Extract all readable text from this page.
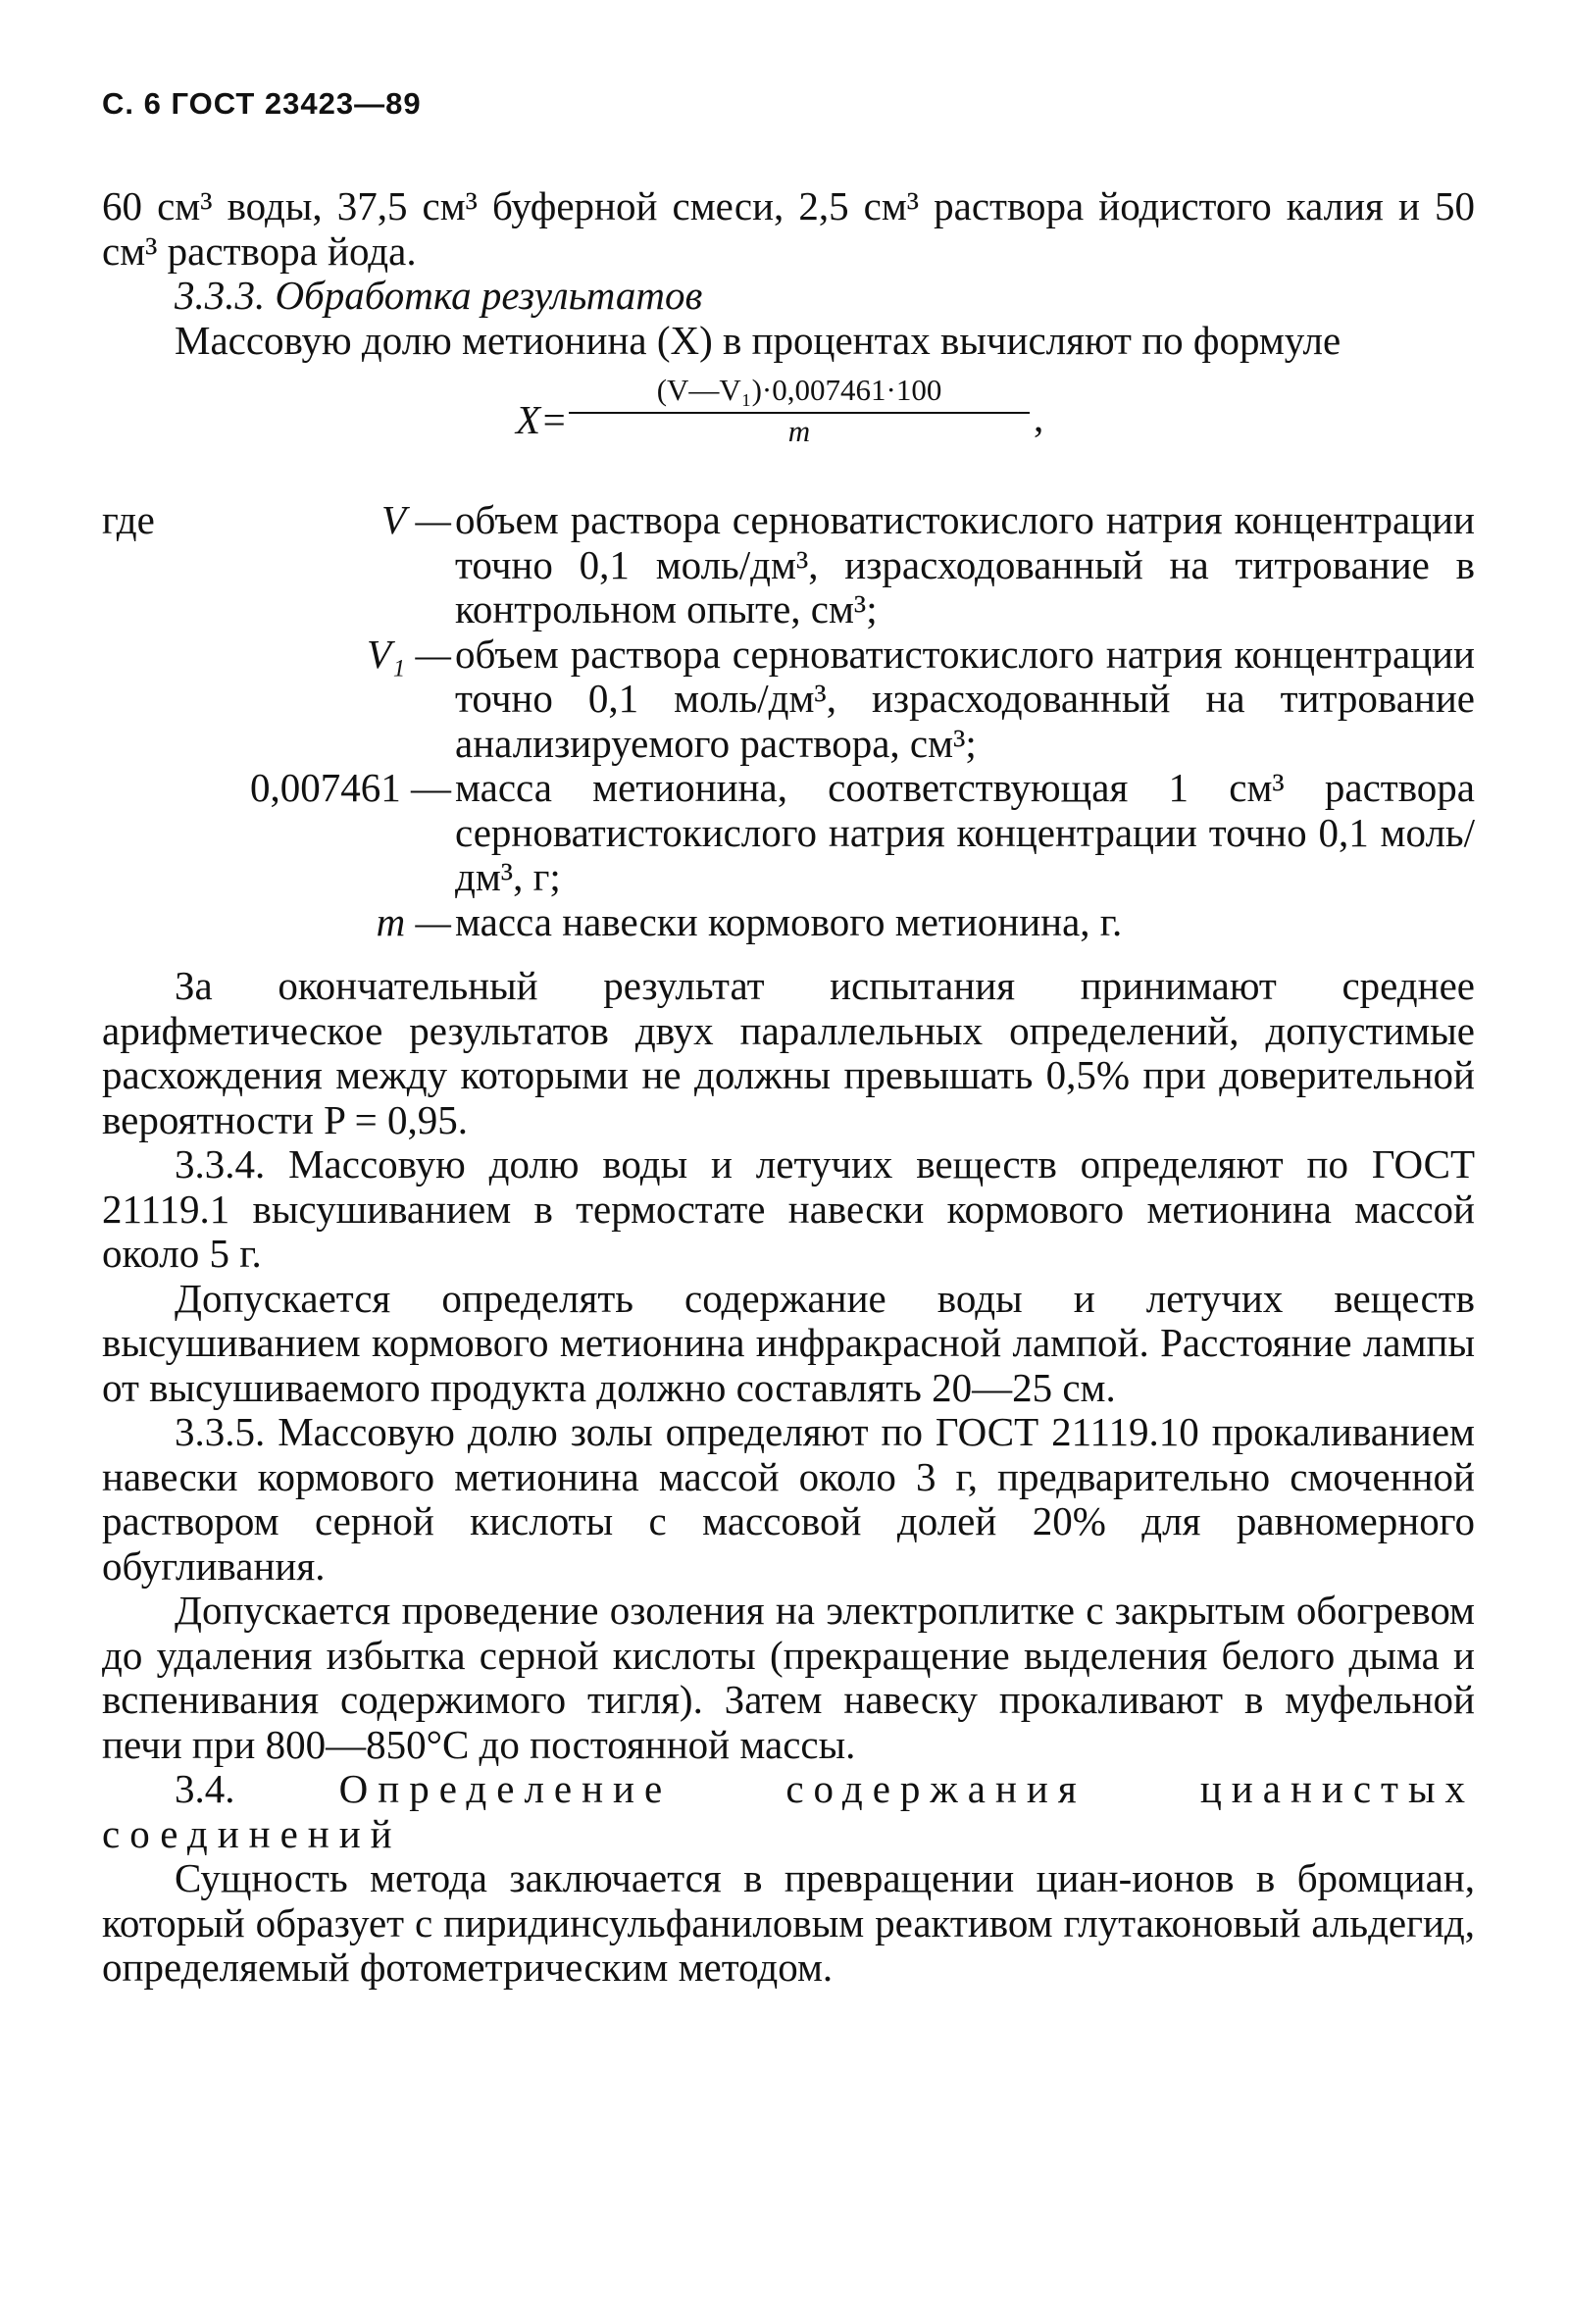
С. 6 ГОСТ 23423—89

60 см³ воды, 37,5 см³ буферной смеси, 2,5 см³ раствора йодистого калия и 50 см³ раствора йода.

3.3.3. Обработка результатов

Массовую долю метионина (X) в процентах вычисляют по формуле

$X= \frac{\text{(V—V₁)·0,007461·100}}{m}$ ,
где	V — объем раствора серноватистокислого натрия концентрации точно 0,1 моль/дм³, израсходованный на титрование в контрольном опыте, см³;
V₁ — объем раствора серноватистокислого натрия концентрации точно 0,1 моль/дм³, израсходованный на титрование анализируемого раствора, см³;
0,007461 — масса метионина, соответствующая 1 см³ раствора серноватистокислого натрия концентрации точно 0,1 моль/дм³, г;
m — масса навески кормового метионина, г.

За окончательный результат испытания принимают среднее арифметическое результатов двух параллельных определений, допустимые расхождения между которыми не должны превышать 0,5% при доверительной вероятности P = 0,95.

3.3.4. Массовую долю воды и летучих веществ определяют по ГОСТ 21119.1 высушиванием в термостате навески кормового метионина массой около 5 г.

Допускается определять содержание воды и летучих веществ высушиванием кормового метионина инфракрасной лампой. Расстояние лампы от высушиваемого продукта должно составлять 20—25 см.

3.3.5. Массовую долю золы определяют по ГОСТ 21119.10 прокаливанием навески кормового метионина массой около 3 г, предварительно смоченной раствором серной кислоты с массовой долей 20% для равномерного обугливания.

Допускается проведение озоления на электроплитке с закрытым обогревом до удаления избытка серной кислоты (прекращение выделения белого дыма и вспенивания содержимого тигля). Затем навеску прокаливают в муфельной печи при 800—850°С до постоянной массы.

3.4.	Определение содержания цианистых соединений

Сущность метода заключается в превращении циан-ионов в бромциан, который образует с пиридинсульфаниловым реактивом глутаконовый альдегид, определяемый фотометрическим методом.
